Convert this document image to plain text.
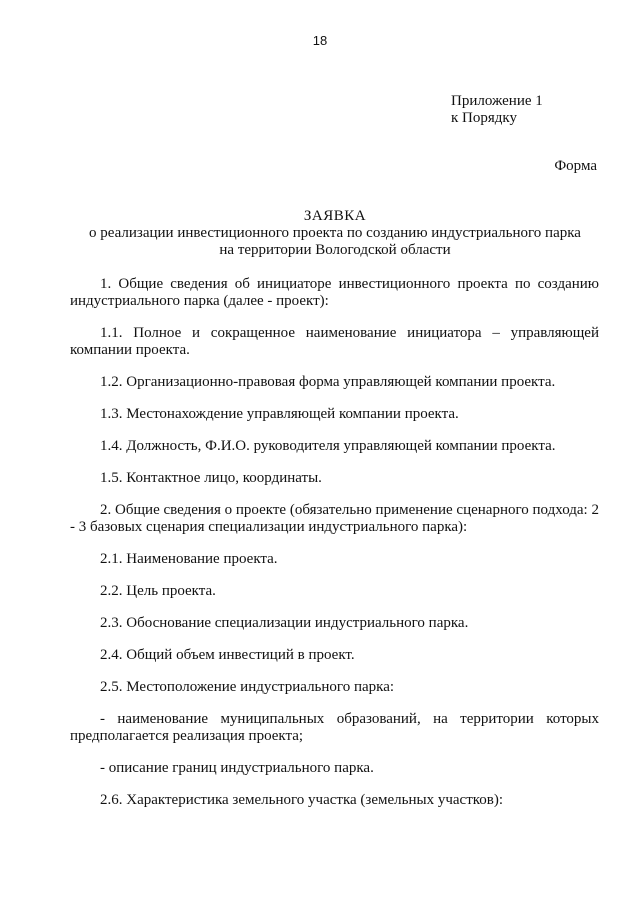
18
Приложение 1
к Порядку
Форма
ЗАЯВКА
о реализации инвестиционного проекта по созданию индустриального парка
на территории Вологодской области

1. Общие сведения об инициаторе инвестиционного проекта по созданию индустриального парка (далее - проект):

1.1. Полное и сокращенное наименование инициатора – управляющей компании проекта.

1.2. Организационно-правовая форма управляющей компании проекта.

1.3. Местонахождение управляющей компании проекта.

1.4. Должность, Ф.И.О. руководителя управляющей компании проекта.

1.5. Контактное лицо, координаты.

2. Общие сведения о проекте (обязательно применение сценарного подхода: 2 - 3 базовых сценария специализации индустриального парка):

2.1. Наименование проекта.

2.2. Цель проекта.

2.3. Обоснование специализации индустриального парка.

2.4. Общий объем инвестиций в проект.

2.5. Местоположение индустриального парка:

- наименование муниципальных образований, на территории которых предполагается реализация проекта;

- описание границ индустриального парка.

2.6. Характеристика земельного участка (земельных участков):
